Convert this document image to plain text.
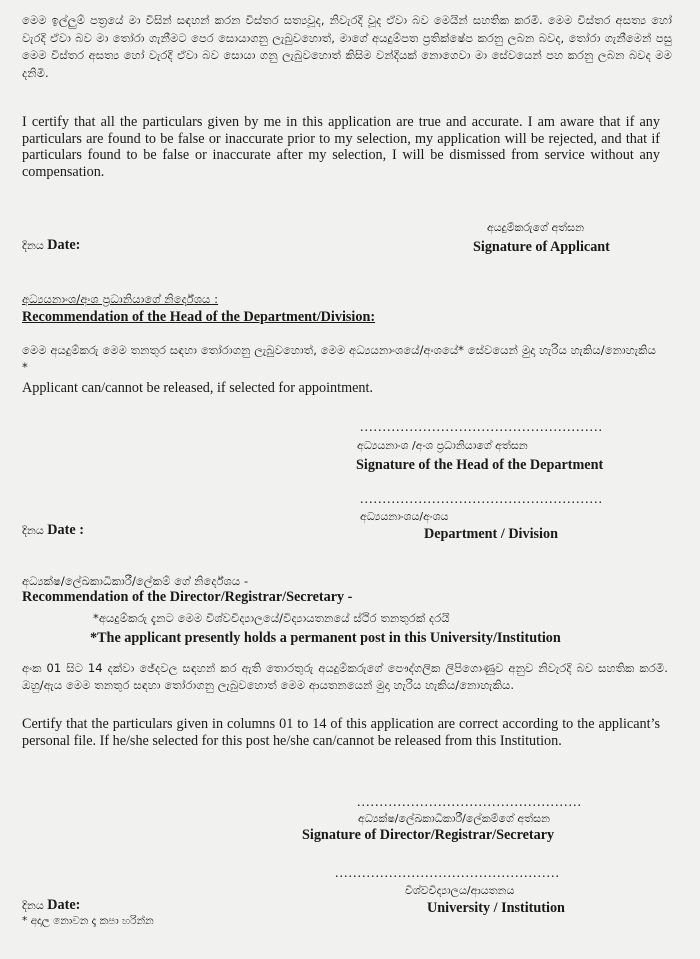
මෙම ඉල්ලුම් පත්‍රයේ මා විසින් සඳහන් කරන විස්තර සත්‍යවූද, නිවැරදි වූද ඒවා බව මෙයින් සහතික කරමි. මෙම විස්තර අසත්‍ය හෝ වැරදි ඒවා බව මා තෝරා ගැනීමට පෙර සොයාගනු ලැබුවහොත්, මාගේ අයදුම්පත ප්‍රතික්ෂේප කරනු ලබන බවද, තෝරා ගැනීමෙන් පසු මෙම විස්තර අසත්‍ය හෝ වැරදි ඒවා බව සොයා ගනු ලැබුවහොත් කිසිම වන්දියක් නොගෙවා මා සේවයෙන් පහ කරනු ලබන බවද මම දනිමි.
I certify that all the particulars given by me in this application are true and accurate. I am aware that if any particulars are found to be false or inaccurate prior to my selection, my application will be rejected, and that if particulars found to be false or inaccurate after my selection, I will be dismissed from service without any compensation.
අයදුම්කරුගේ අත්සන
දිනය Date:	Signature of Applicant
අධ්‍යයනාංශ/අංශ ප්‍රධානියාගේ නිර්දේශය :
Recommendation of the Head of the Department/Division:
මෙම අයදුම්කරු මෙම තනතුර සඳහා තෝරාගනු ලැබුවහොත්, මෙම අධ්‍යයනාංශයේ/අංශයේ* සේවයෙන් මුදා හැරිය හැකිය/නොහැකිය *
Applicant can/cannot be released, if selected for appointment.
......................................................
අධ්‍යයනාංශ /අංශ ප්‍රධානියාගේ අත්සන
Signature of the Head of the Department
......................................................
අධ්‍යයනාංශය/අංශය
දිනය Date :	Department / Division
අධ්‍යක්ෂ/ලේඛකාධිකාරී/ලේකම් ගේ නිර්දේශය -
Recommendation of the Director/Registrar/Secretary -
*අයදුම්කරු දැනට මෙම විශ්වවිද්‍යාලයේ/විද්‍යායතනයේ ස්ථිර තනතුරක් දරයි
*The applicant presently holds a permanent post in this University/Institution
අංක 01 සිට 14 දක්වා ඡේදවල සඳහන් කර ඇති තොරතුරු අයදුම්කරුගේ පෞද්ගලික ලිපිගොණුව අනුව නිවැරදි බව සහතික කරමි. ඔහු/ඇය මෙම තනතුර සඳහා තෝරාගනු ලැබුවහොත් මෙම ආයතනයෙන් මුදා හැරිය හැකිය/නොහැකිය.
Certify that the particulars given in columns 01 to 14 of this application are correct according to the applicant’s personal file. If he/she selected for this post he/she can/cannot be released from this Institution.
..................................................
අධ්‍යක්ෂ/ලේඛකාධිකාරී/ලේකම්ගේ අත්සන
Signature of Director/Registrar/Secretary
..................................................
විශ්වවිද්‍යාලය/ආයතනය
දිනය Date:	University / Institution
* අදාල නොවන දෑ කපා හරින්න
